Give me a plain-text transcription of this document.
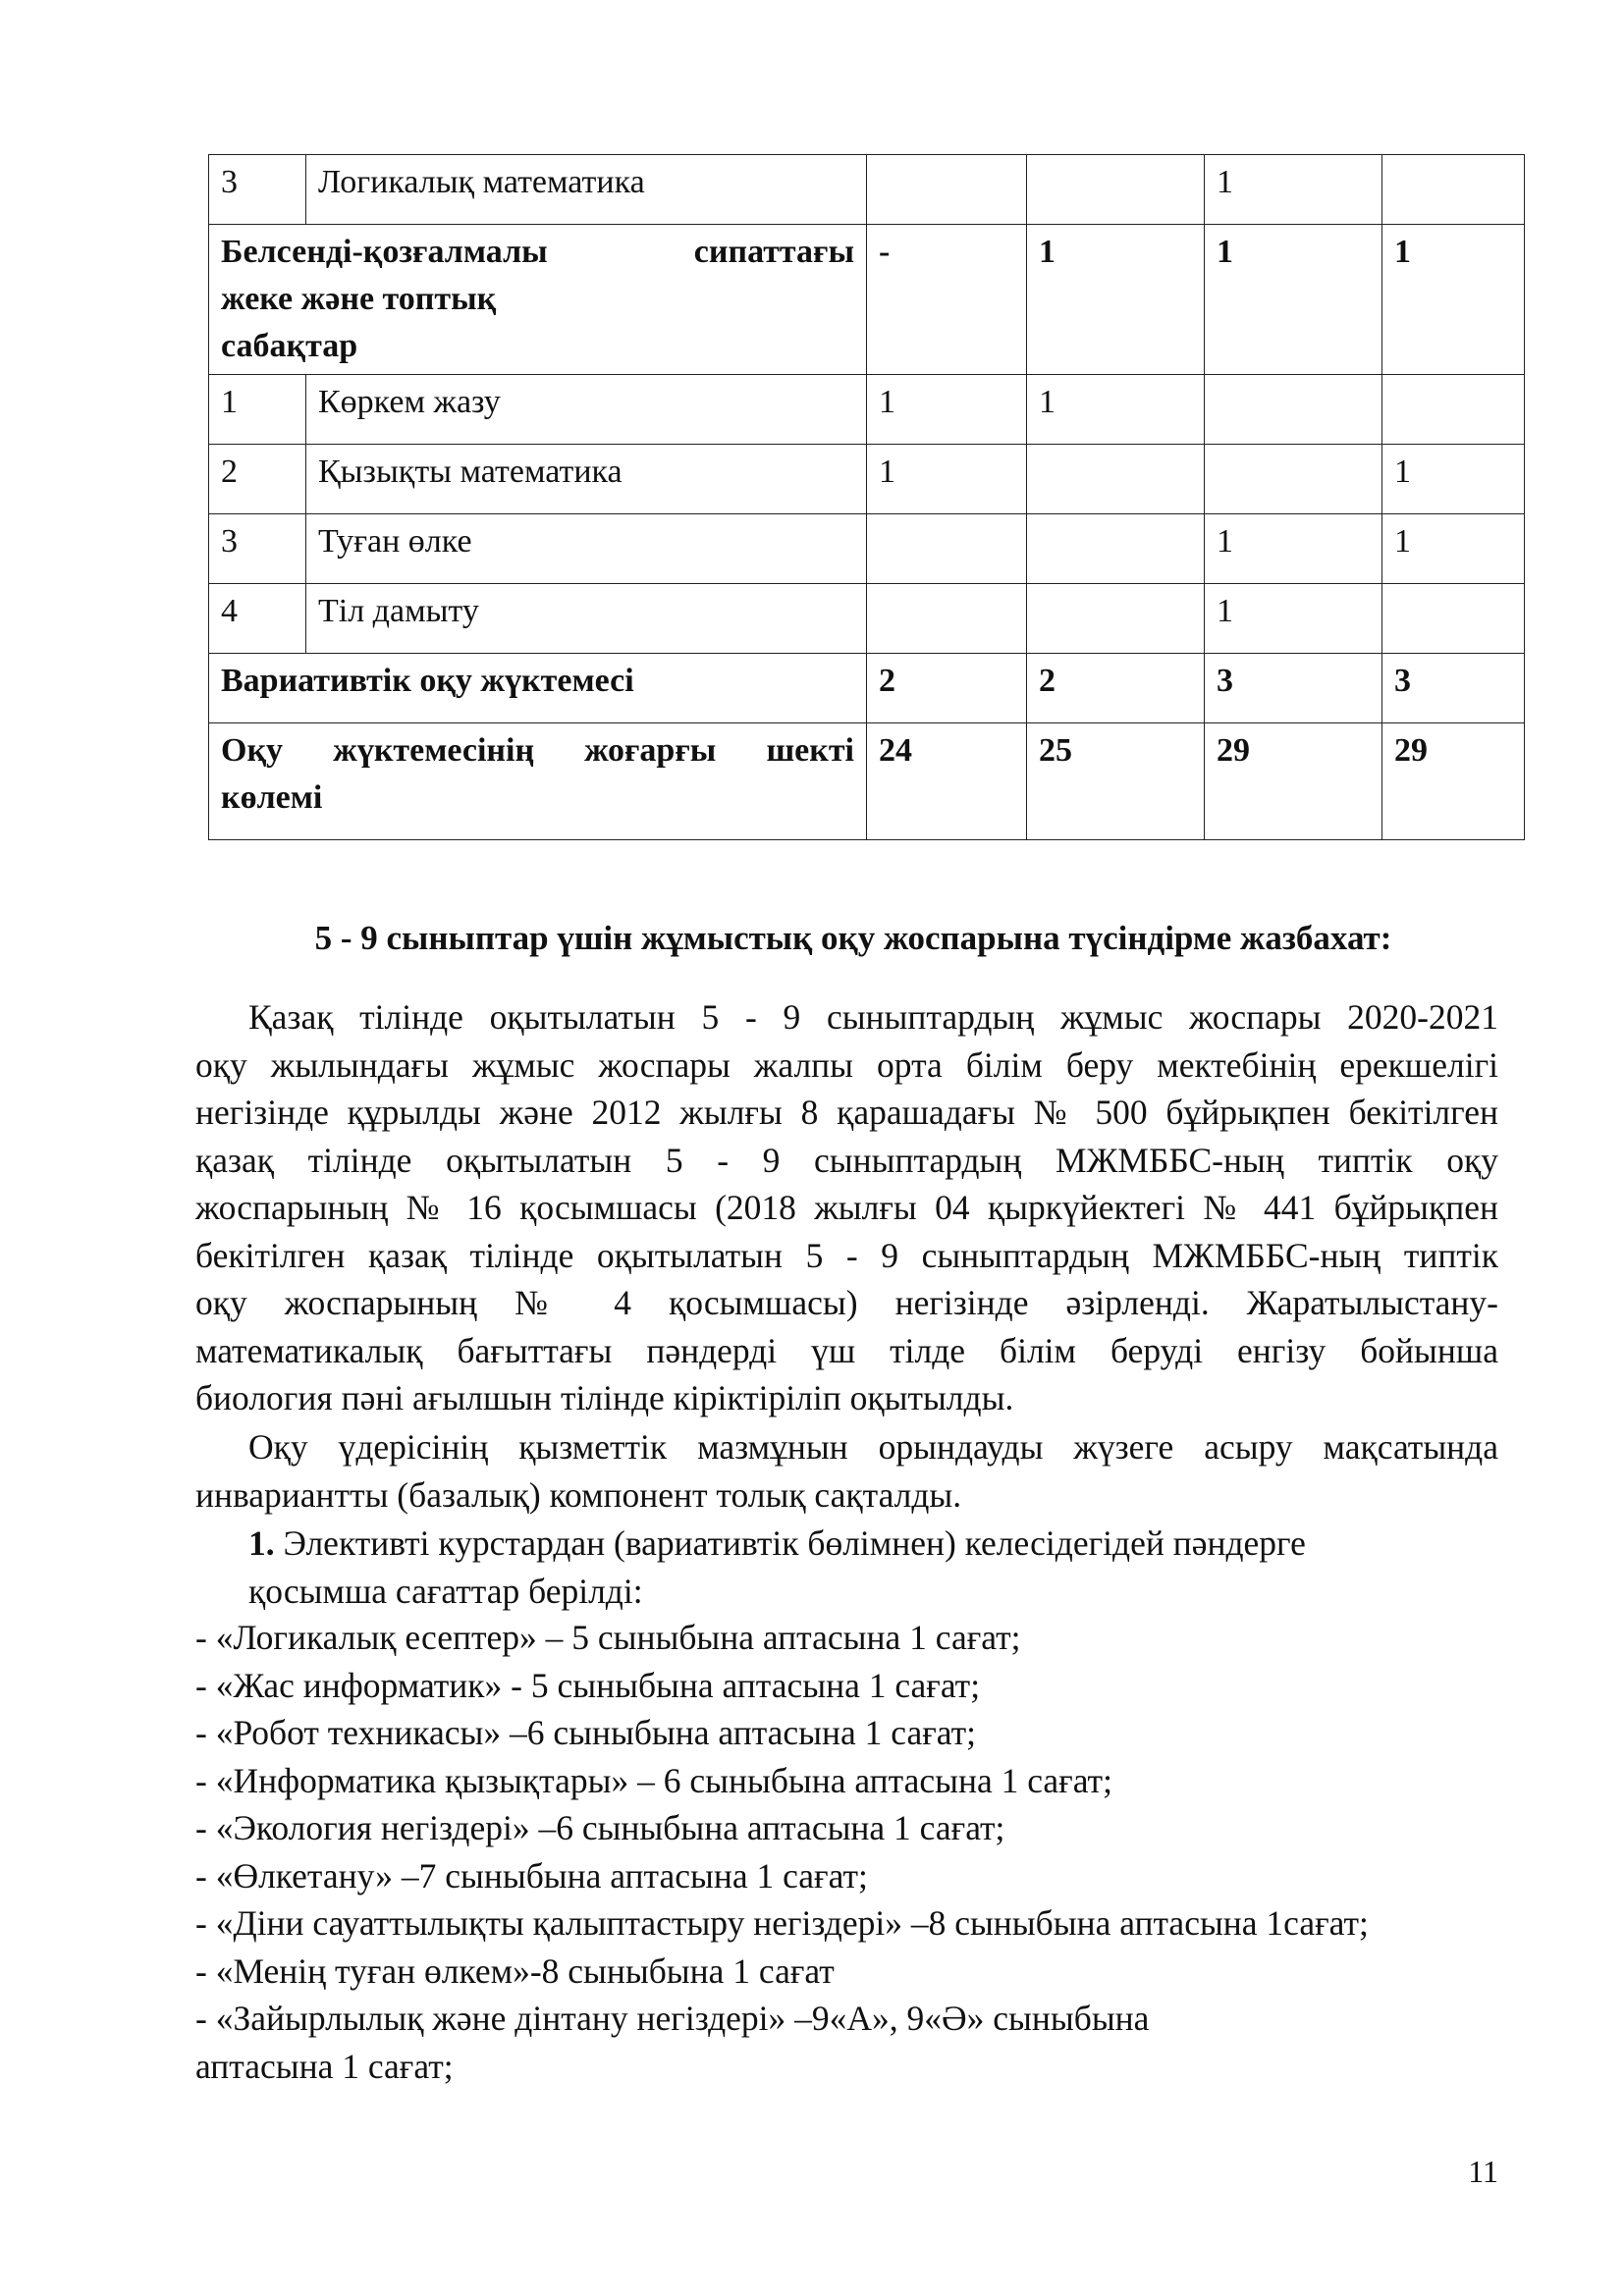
3	Логикалық математика			1	

Белсенді-қозғалмалы сипаттағы
жеке және топтық
сабақтар		-	1	1	1
1	Көркем жазу	1	1		
2	Қызықты математика	1			1
3	Туған өлке			1	1
4	Тіл дамыту			1	
Вариативтік оқу жүктемесі		2	2	3	3

Оқу жүктемесінің жоғарғы шекті
көлемі		24	25	29	29
5 - 9 сыныптар үшін жұмыстық оқу жоспарына түсіндірме жазбахат:
Қазақ тілінде оқытылатын 5 - 9 сыныптардың жұмыс жоспары 2020-2021
оқу жылындағы жұмыс жоспары жалпы орта білім беру мектебінің ерекшелігі
негізінде құрылды және 2012 жылғы 8 қарашадағы № 500 бұйрықпен бекітілген
қазақ тілінде оқытылатын 5 - 9 сыныптардың МЖМББС-ның типтік оқу
жоспарының № 16 қосымшасы (2018 жылғы 04 қыркүйектегі № 441 бұйрықпен
бекітілген қазақ тілінде оқытылатын 5 - 9 сыныптардың МЖМББС-ның типтік
оқу жоспарының № 4 қосымшасы) негізінде әзірленді. Жаратылыстану-
математикалық бағыттағы пәндерді үш тілде білім беруді енгізу бойынша
биология пәні ағылшын тілінде кіріктіріліп оқытылды.
Оқу үдерісінің қызметтік мазмұнын орындауды жүзеге асыру мақсатында
инвариантты (базалық) компонент толық сақталды.
1. Элективті курстардан (вариативтік бөлімнен) келесідегідей пәндерге
қосымша сағаттар берілді:
- «Логикалық есептер» – 5 сыныбына аптасына 1 сағат;
- «Жас информатик» - 5 сыныбына аптасына 1 сағат;
- «Робот техникасы» –6 сыныбына аптасына 1 сағат;
- «Информатика қызықтары» – 6 сыныбына аптасына 1 сағат;
- «Экология негіздері» –6 сыныбына аптасына 1 сағат;
- «Өлкетану» –7 сыныбына аптасына 1 сағат;
- «Діни сауаттылықты қалыптастыру негіздері» –8 сыныбына аптасына 1сағат;
- «Менің туған өлкем»-8 сыныбына 1 сағат
- «Зайырлылық және дінтану негіздері» –9«А», 9«Ә» сыныбына
аптасына 1 сағат;
11
